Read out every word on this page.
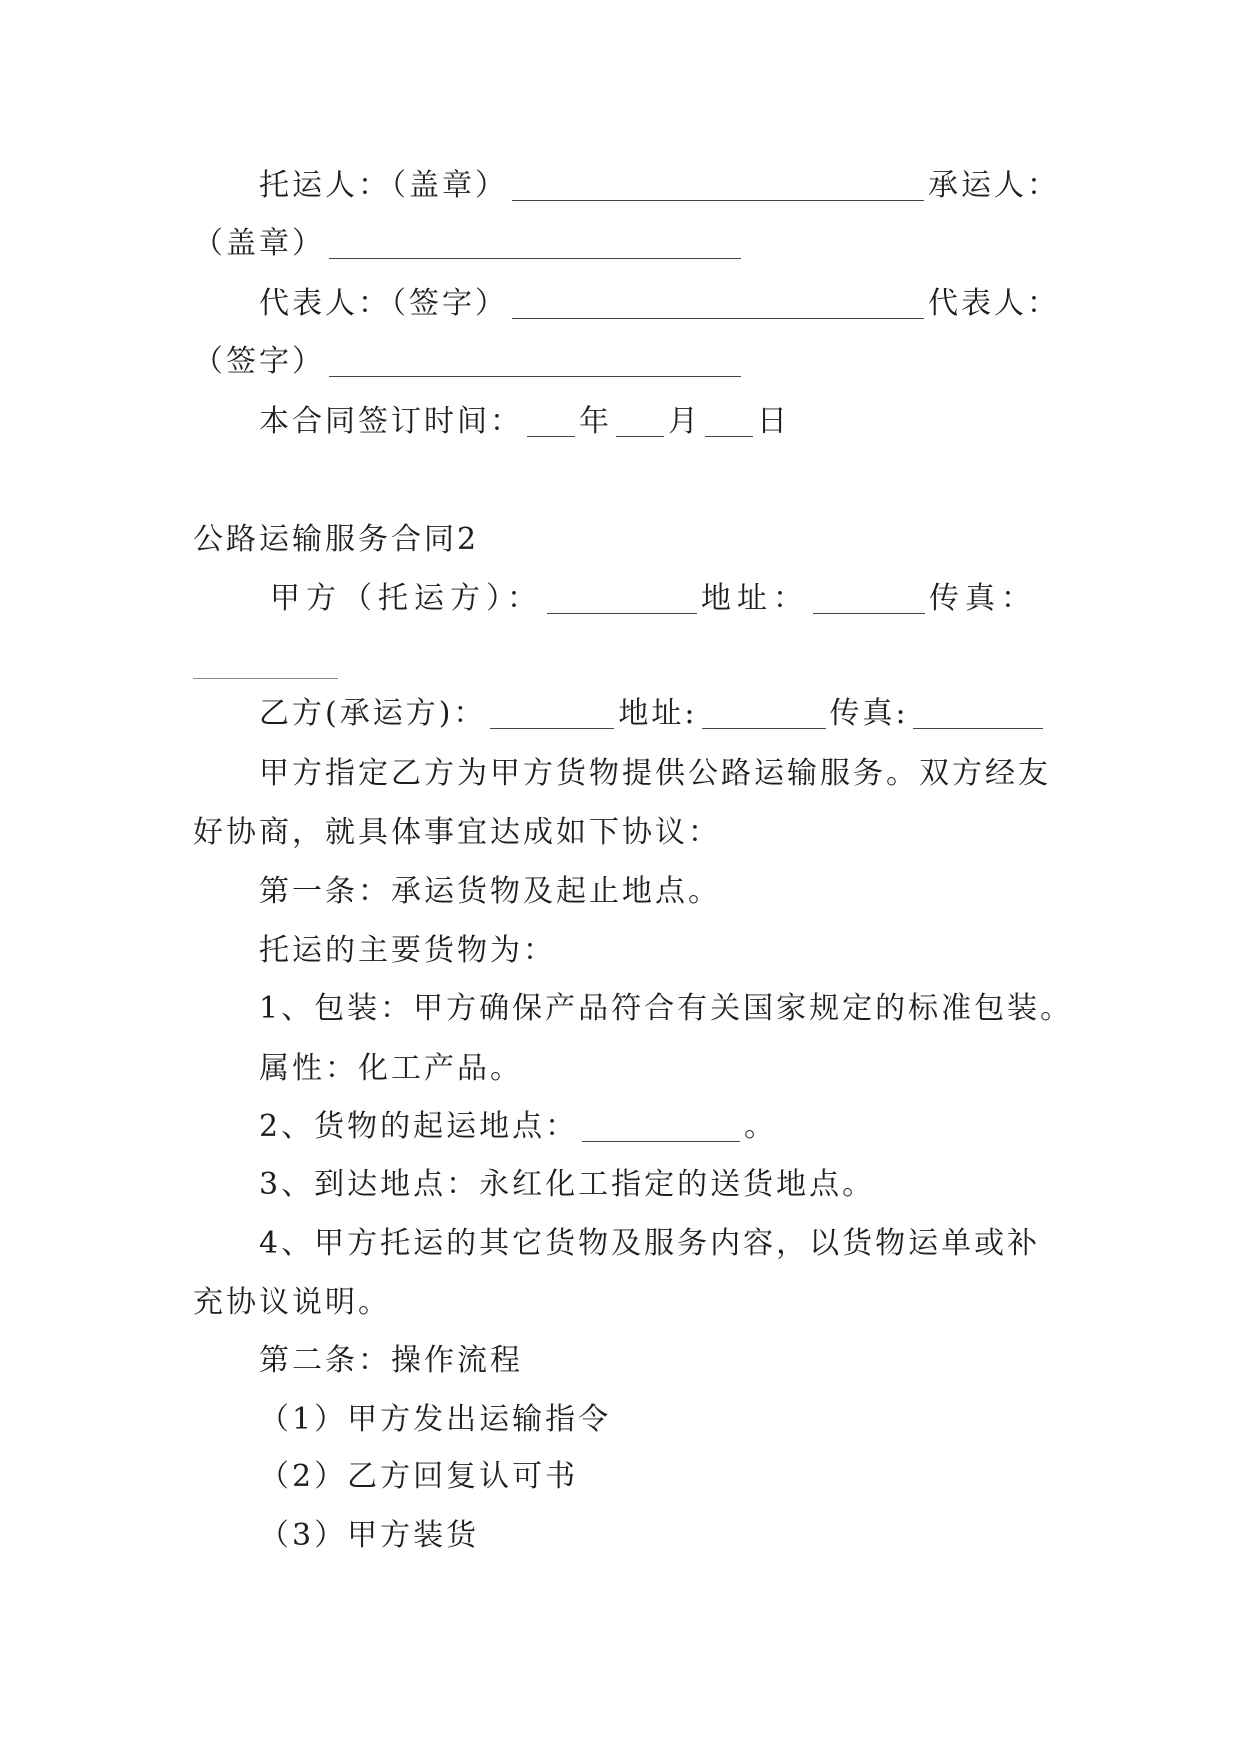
托运人：（盖章）	承运人：
（盖章）
代表人：（签字）	代表人：
（签字）
本合同签订时间： 年 月 日
公路运输服务合同2
甲方（托运方）：	地址：	传真：
乙方(承运方)：	地址:	传真:
甲方指定乙方为甲方货物提供公路运输服务。双方经友
好协商，就具体事宜达成如下协议：
第一条：承运货物及起止地点。
托运的主要货物为：
1、包装：甲方确保产品符合有关国家规定的标准包装。
属性：化工产品。
2、货物的起运地点：	。
3、到达地点：永红化工指定的送货地点。
4、甲方托运的其它货物及服务内容，以货物运单或补
充协议说明。
第二条：操作流程
（1）甲方发出运输指令
（2）乙方回复认可书
（3）甲方装货
